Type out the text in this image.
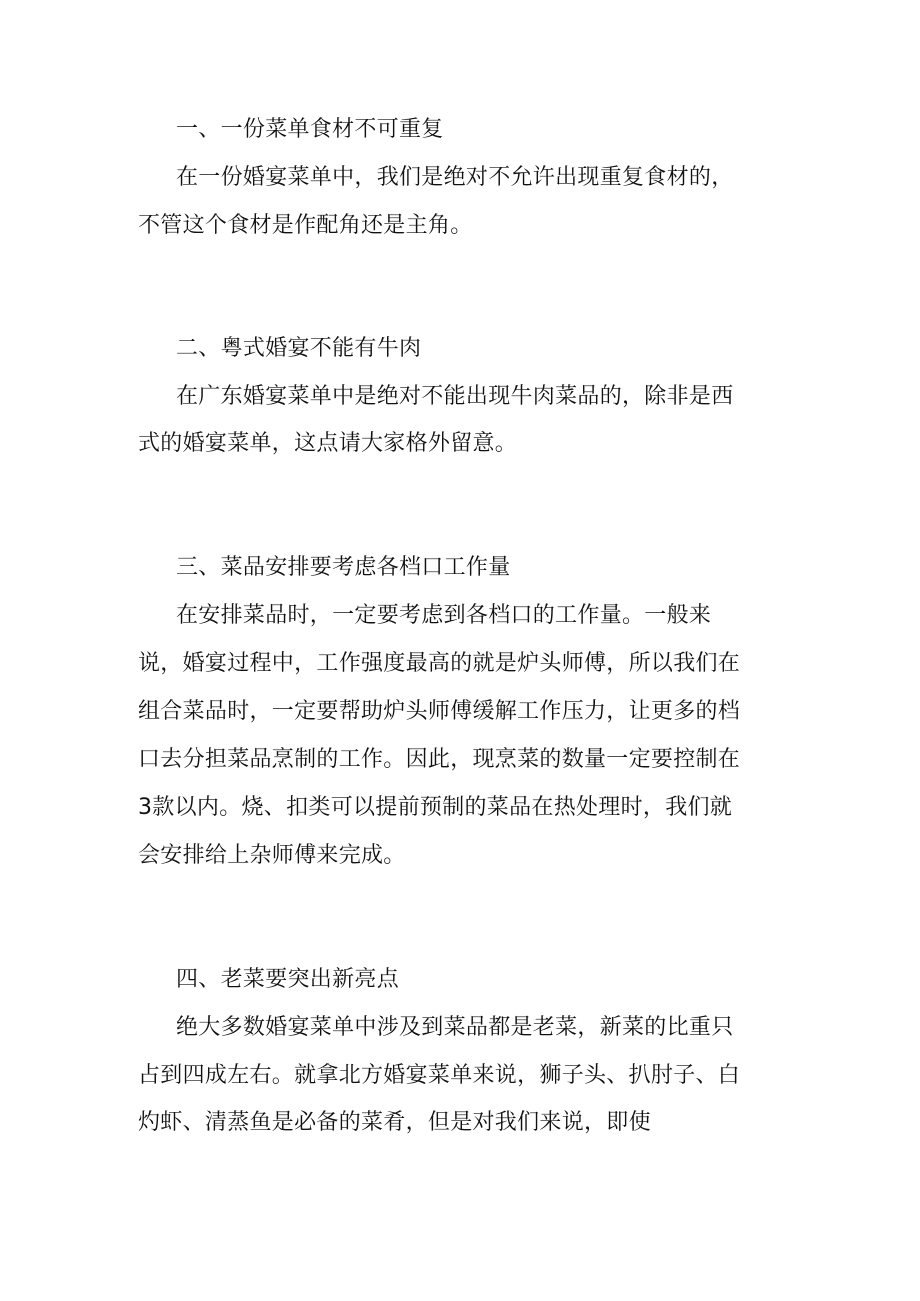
一、一份菜单食材不可重复
在一份婚宴菜单中，我们是绝对不允许出现重复食材的，
不管这个食材是作配角还是主角。
二、粤式婚宴不能有牛肉
在广东婚宴菜单中是绝对不能出现牛肉菜品的，除非是西
式的婚宴菜单，这点请大家格外留意。
三、菜品安排要考虑各档口工作量
在安排菜品时，一定要考虑到各档口的工作量。一般来
说，婚宴过程中，工作强度最高的就是炉头师傅，所以我们在
组合菜品时，一定要帮助炉头师傅缓解工作压力，让更多的档
口去分担菜品烹制的工作。因此，现烹菜的数量一定要控制在
3款以内。烧、扣类可以提前预制的菜品在热处理时，我们就
会安排给上杂师傅来完成。
四、老菜要突出新亮点
绝大多数婚宴菜单中涉及到菜品都是老菜，新菜的比重只
占到四成左右。就拿北方婚宴菜单来说，狮子头、扒肘子、白
灼虾、清蒸鱼是必备的菜肴，但是对我们来说，即使
